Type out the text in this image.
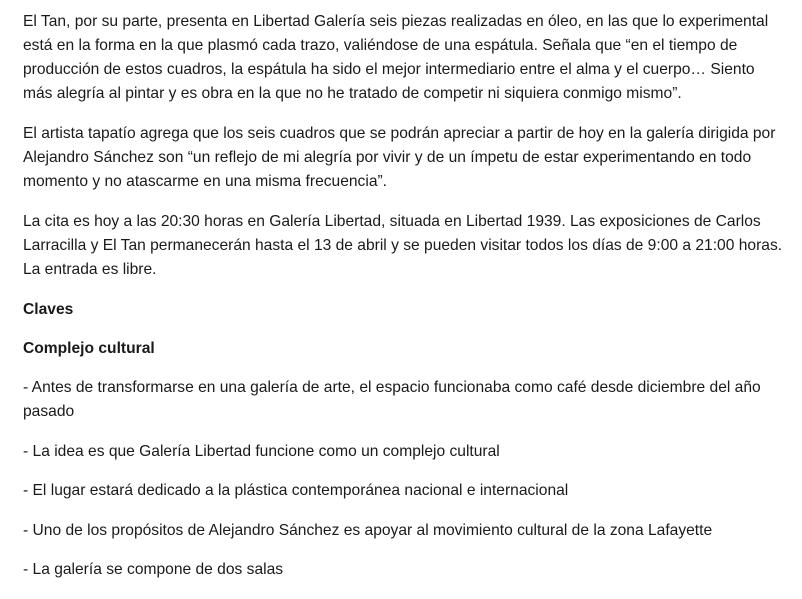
El Tan, por su parte, presenta en Libertad Galería seis piezas realizadas en óleo, en las que lo experimental está en la forma en la que plasmó cada trazo, valiéndose de una espátula. Señala que “en el tiempo de producción de estos cuadros, la espátula ha sido el mejor intermediario entre el alma y el cuerpo… Siento más alegría al pintar y es obra en la que no he tratado de competir ni siquiera conmigo mismo”.

El artista tapatío agrega que los seis cuadros que se podrán apreciar a partir de hoy en la galería dirigida por Alejandro Sánchez son “un reflejo de mi alegría por vivir y de un ímpetu de estar experimentando en todo momento y no atascarme en una misma frecuencia”.

La cita es hoy a las 20:30 horas en Galería Libertad, situada en Libertad 1939. Las exposiciones de Carlos Larracilla y El Tan permanecerán hasta el 13 de abril y se pueden visitar todos los días de 9:00 a 21:00 horas. La entrada es libre.

Claves

Complejo cultural

- Antes de transformarse en una galería de arte, el espacio funcionaba como café desde diciembre del año pasado

- La idea es que Galería Libertad funcione como un complejo cultural

- El lugar estará dedicado a la plástica contemporánea nacional e internacional

- Uno de los propósitos de Alejandro Sánchez es apoyar al movimiento cultural de la zona Lafayette

- La galería se compone de dos salas
